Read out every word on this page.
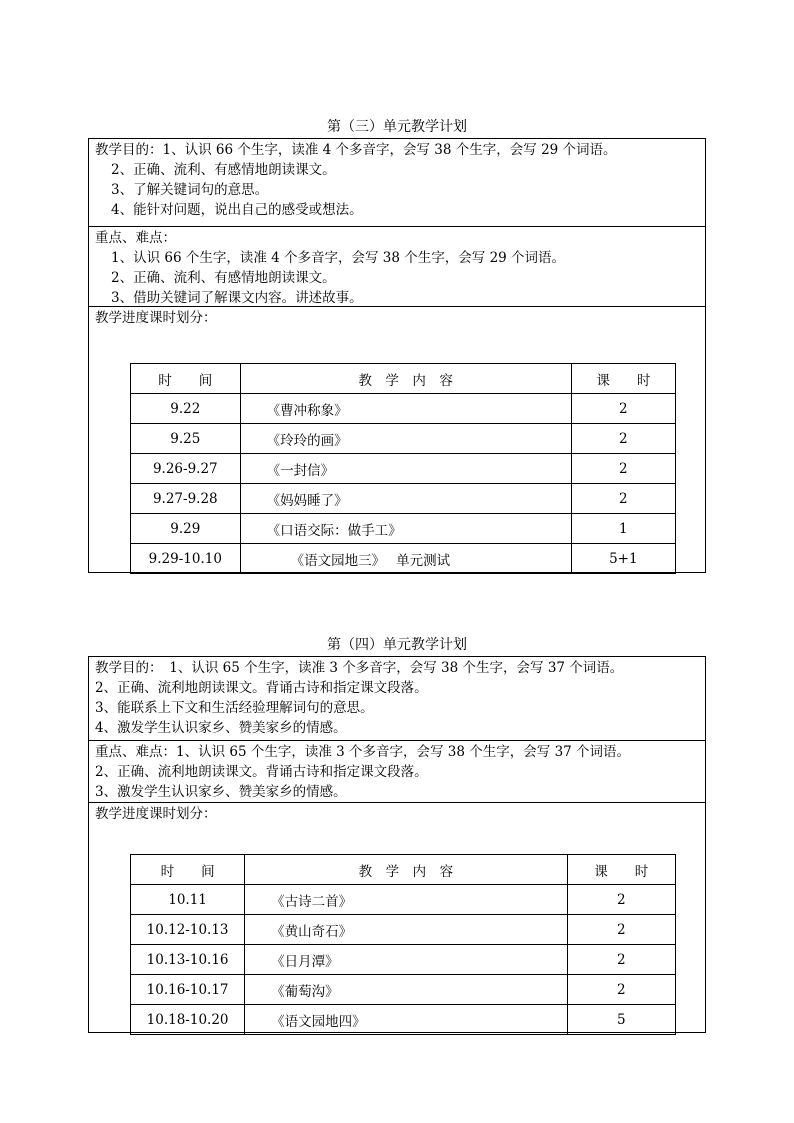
第（三）单元教学计划
教学目的：1、认识 66 个生字，读准 4 个多音字，会写 38 个生字，会写 29 个词语。
2、正确、流利、有感情地朗读课文。
3、了解关键词句的意思。
4、能针对问题，说出自己的感受或想法。
重点、难点：
1、认识 66 个生字，读准 4 个多音字，会写 38 个生字，会写 29 个词语。
2、正确、流利、有感情地朗读课文。
3、借助关键词了解课文内容。讲述故事。
教学进度课时划分：
时　　间	教　学　内　容	课　　时
9.22	《曹冲称象》	2
9.25	《玲玲的画》	2
9.26-9.27	《一封信》	2
9.27-9.28	《妈妈睡了》	2
9.29	《口语交际：做手工》	1
9.29-10.10	《语文园地三》　 单元测试	5+1
第（四）单元教学计划
教学目的：　1、认识 65 个生字，读准 3 个多音字，会写 38 个生字，会写 37 个词语。
2、正确、流利地朗读课文。背诵古诗和指定课文段落。
3、能联系上下文和生活经验理解词句的意思。
4、激发学生认识家乡、赞美家乡的情感。
重点、难点：1、认识 65 个生字，读准 3 个多音字，会写 38 个生字，会写 37 个词语。
2、正确、流利地朗读课文。背诵古诗和指定课文段落。
3、激发学生认识家乡、赞美家乡的情感。
教学进度课时划分：
时　　间	教　学　内　容	课　　时
10.11	《古诗二首》	2
10.12-10.13	《黄山奇石》	2
10.13-10.16	《日月潭》	2
10.16-10.17	《葡萄沟》	2
10.18-10.20	《语文园地四》	5
